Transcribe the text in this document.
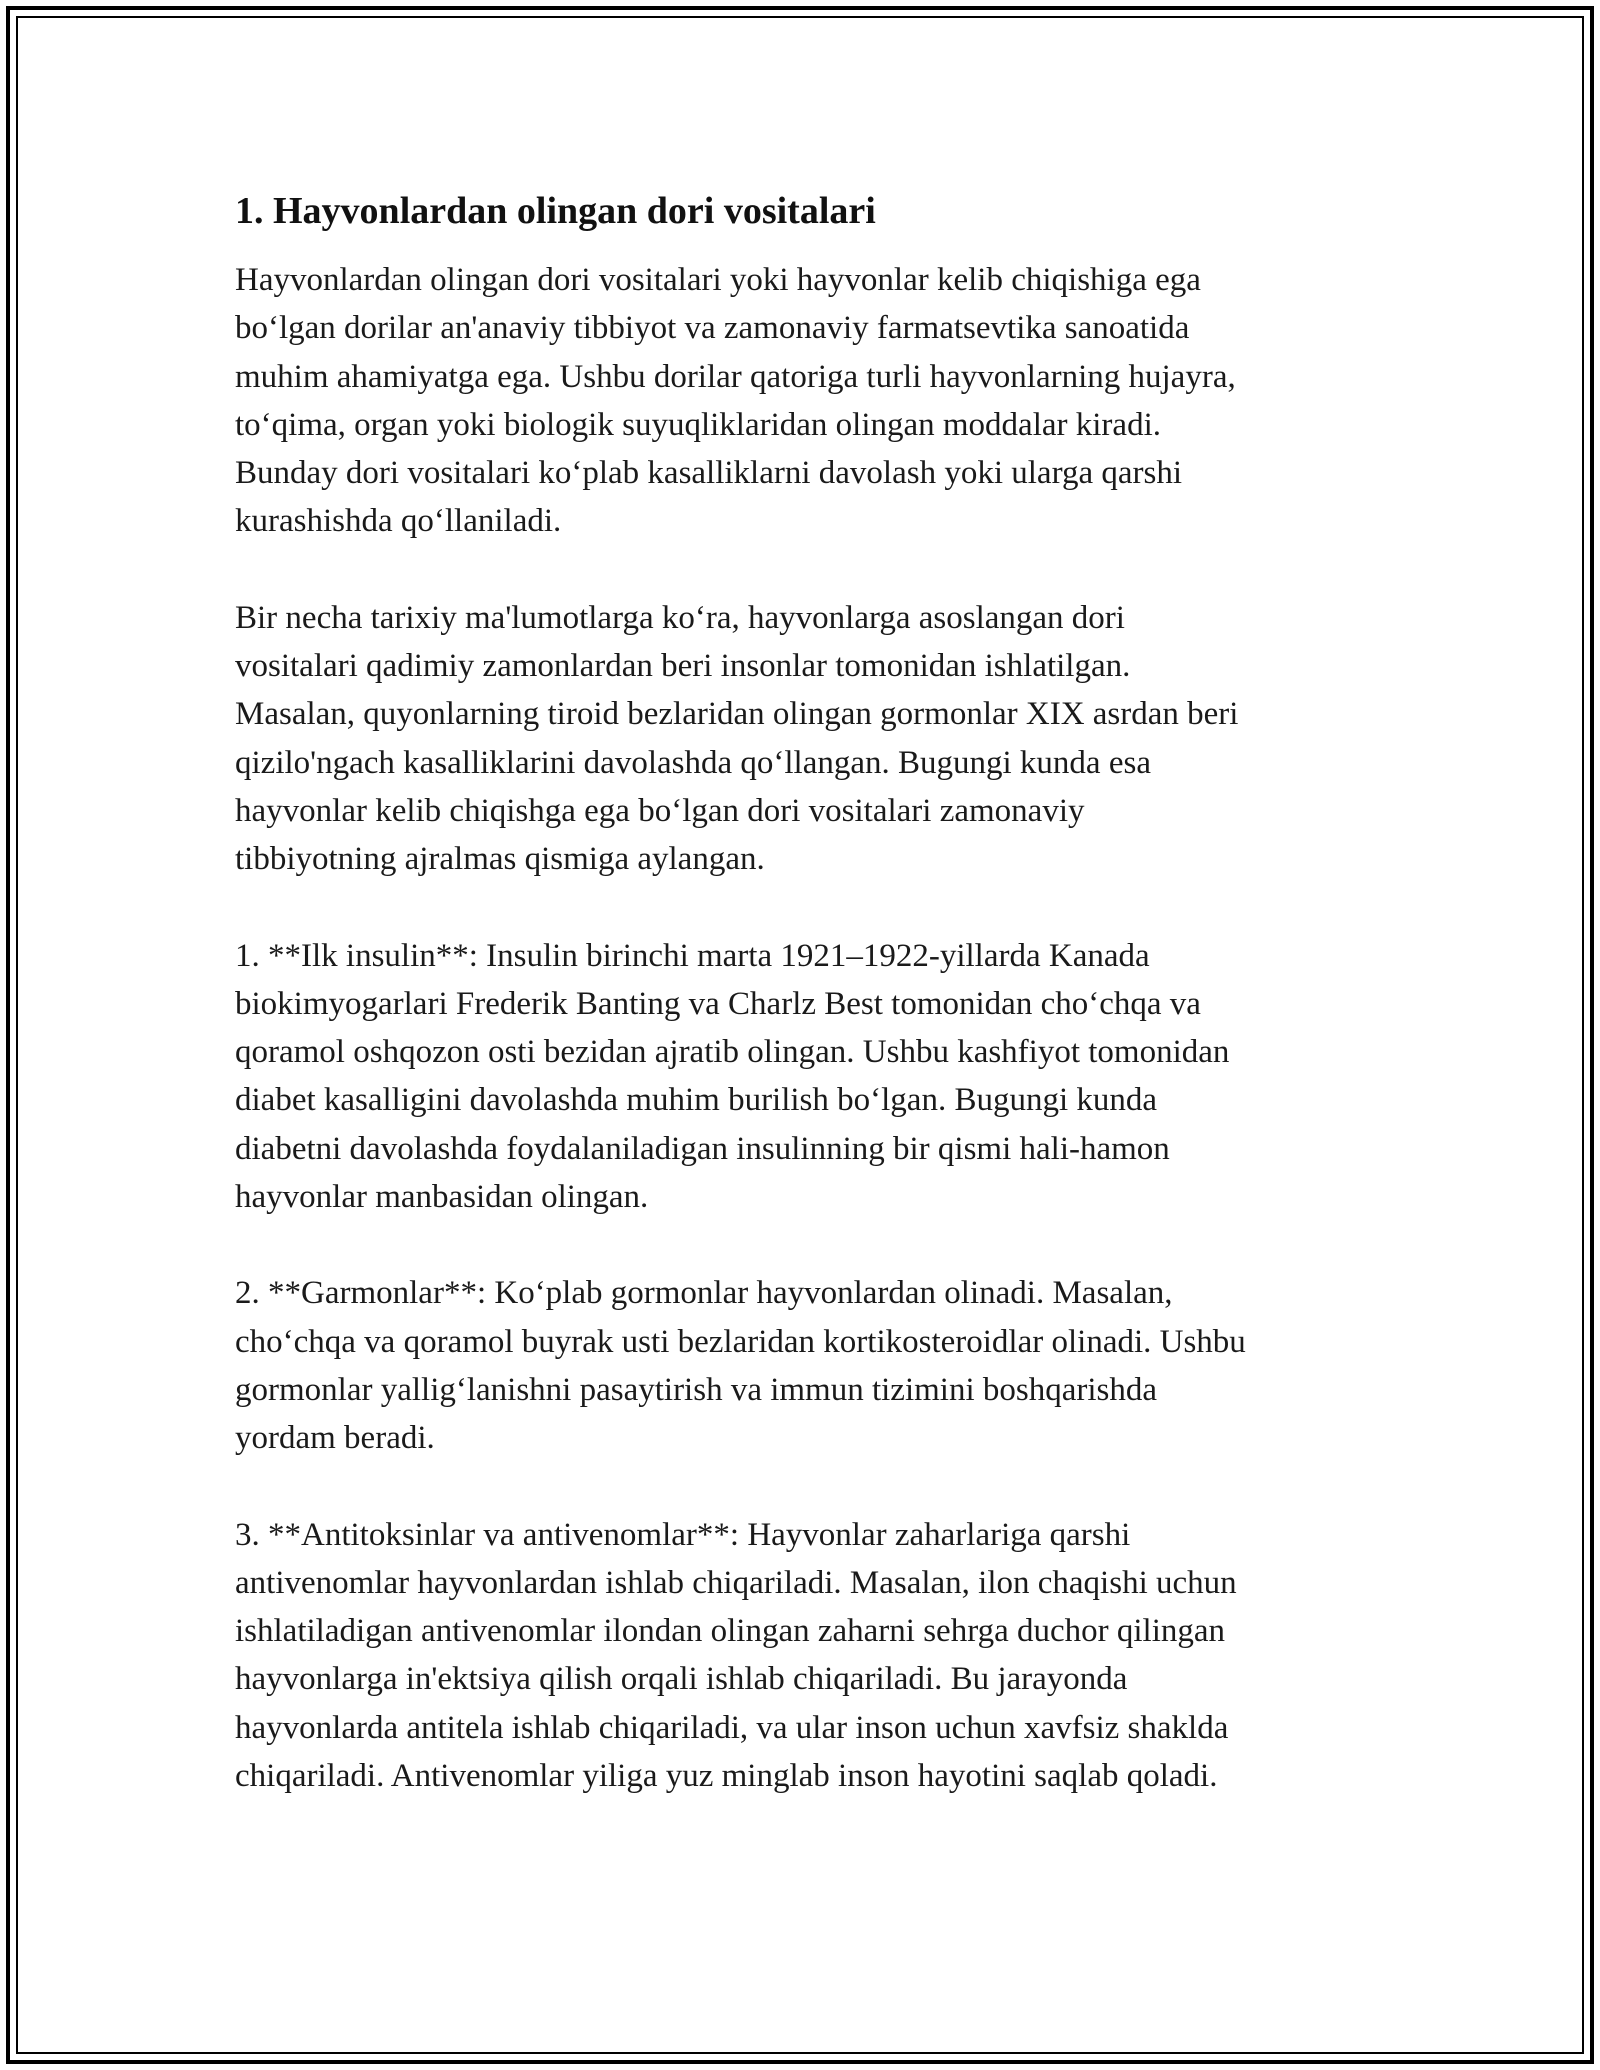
1. Hayvonlardan olingan dori vositalari

Hayvonlardan olingan dori vositalari yoki hayvonlar kelib chiqishiga ega
bo‘lgan dorilar an'anaviy tibbiyot va zamonaviy farmatsevtika sanoatida
muhim ahamiyatga ega. Ushbu dorilar qatoriga turli hayvonlarning hujayra,
to‘qima, organ yoki biologik suyuqliklaridan olingan moddalar kiradi.
Bunday dori vositalari ko‘plab kasalliklarni davolash yoki ularga qarshi
kurashishda qo‘llaniladi.

Bir necha tarixiy ma'lumotlarga ko‘ra, hayvonlarga asoslangan dori
vositalari qadimiy zamonlardan beri insonlar tomonidan ishlatilgan.
Masalan, quyonlarning tiroid bezlaridan olingan gormonlar XIX asrdan beri
qizilo'ngach kasalliklarini davolashda qo‘llangan. Bugungi kunda esa
hayvonlar kelib chiqishga ega bo‘lgan dori vositalari zamonaviy
tibbiyotning ajralmas qismiga aylangan.

1. **Ilk insulin**: Insulin birinchi marta 1921–1922-yillarda Kanada
biokimyogarlari Frederik Banting va Charlz Best tomonidan cho‘chqa va
qoramol oshqozon osti bezidan ajratib olingan. Ushbu kashfiyot tomonidan
diabet kasalligini davolashda muhim burilish bo‘lgan. Bugungi kunda
diabetni davolashda foydalaniladigan insulinning bir qismi hali-hamon
hayvonlar manbasidan olingan.

2. **Garmonlar**: Ko‘plab gormonlar hayvonlardan olinadi. Masalan,
cho‘chqa va qoramol buyrak usti bezlaridan kortikosteroidlar olinadi. Ushbu
gormonlar yallig‘lanishni pasaytirish va immun tizimini boshqarishda
yordam beradi.

3. **Antitoksinlar va antivenomlar**: Hayvonlar zaharlariga qarshi
antivenomlar hayvonlardan ishlab chiqariladi. Masalan, ilon chaqishi uchun
ishlatiladigan antivenomlar ilondan olingan zaharni sehrga duchor qilingan
hayvonlarga in'ektsiya qilish orqali ishlab chiqariladi. Bu jarayonda
hayvonlarda antitela ishlab chiqariladi, va ular inson uchun xavfsiz shaklda
chiqariladi. Antivenomlar yiliga yuz minglab inson hayotini saqlab qoladi.
